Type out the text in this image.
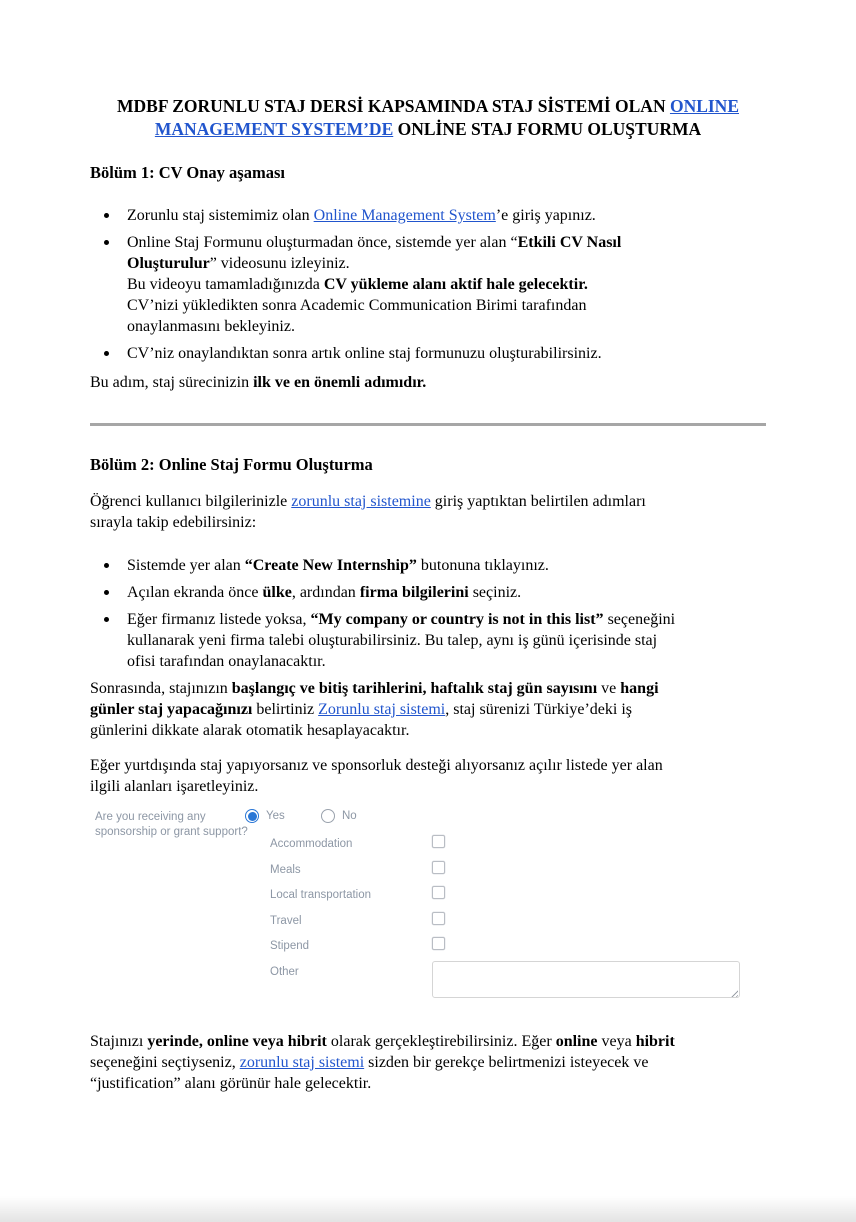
MDBF ZORUNLU STAJ DERSİ KAPSAMINDA STAJ SİSTEMİ OLAN ONLINE
MANAGEMENT SYSTEM’DE ONLİNE STAJ FORMU OLUŞTURMA
Bölüm 1: CV Onay aşaması
Zorunlu staj sistemimiz olan Online Management System’e giriş yapınız.
Online Staj Formunu oluşturmadan önce, sistemde yer alan “Etkili CV Nasıl
Oluşturulur” videosunu izleyiniz.
Bu videoyu tamamladığınızda CV yükleme alanı aktif hale gelecektir.
CV’nizi yükledikten sonra Academic Communication Birimi tarafından
onaylanmasını bekleyiniz.
CV’niz onaylandıktan sonra artık online staj formunuzu oluşturabilirsiniz.

Bu adım, staj sürecinizin ilk ve en önemli adımıdır.

Bölüm 2: Online Staj Formu Oluşturma

Öğrenci kullanıcı bilgilerinizle zorunlu staj sistemine giriş yaptıktan belirtilen adımları
sırayla takip edebilirsiniz:

Sistemde yer alan “Create New Internship” butonuna tıklayınız.
Açılan ekranda önce ülke, ardından firma bilgilerini seçiniz.
Eğer firmanız listede yoksa, “My company or country is not in this list” seçeneğini
kullanarak yeni firma talebi oluşturabilirsiniz. Bu talep, aynı iş günü içerisinde staj
ofisi tarafından onaylanacaktır.

Sonrasında, stajınızın başlangıç ve bitiş tarihlerini, haftalık staj gün sayısını ve hangi
günler staj yapacağınızı belirtiniz Zorunlu staj sistemi, staj sürenizi Türkiye’deki iş
günlerini dikkate alarak otomatik hesaplayacaktır.

Eğer yurtdışında staj yapıyorsanız ve sponsorluk desteği alıyorsanız açılır listede yer alan
ilgili alanları işaretleyiniz.

Are you receiving any sponsorship or grant support?
Yes	No
Accommodation
Meals
Local transportation
Travel
Stipend
Other

Stajınızı yerinde, online veya hibrit olarak gerçekleştirebilirsiniz. Eğer online veya hibrit
seçeneğini seçtiyseniz, zorunlu staj sistemi sizden bir gerekçe belirtmenizi isteyecek ve
“justification” alanı görünür hale gelecektir.
